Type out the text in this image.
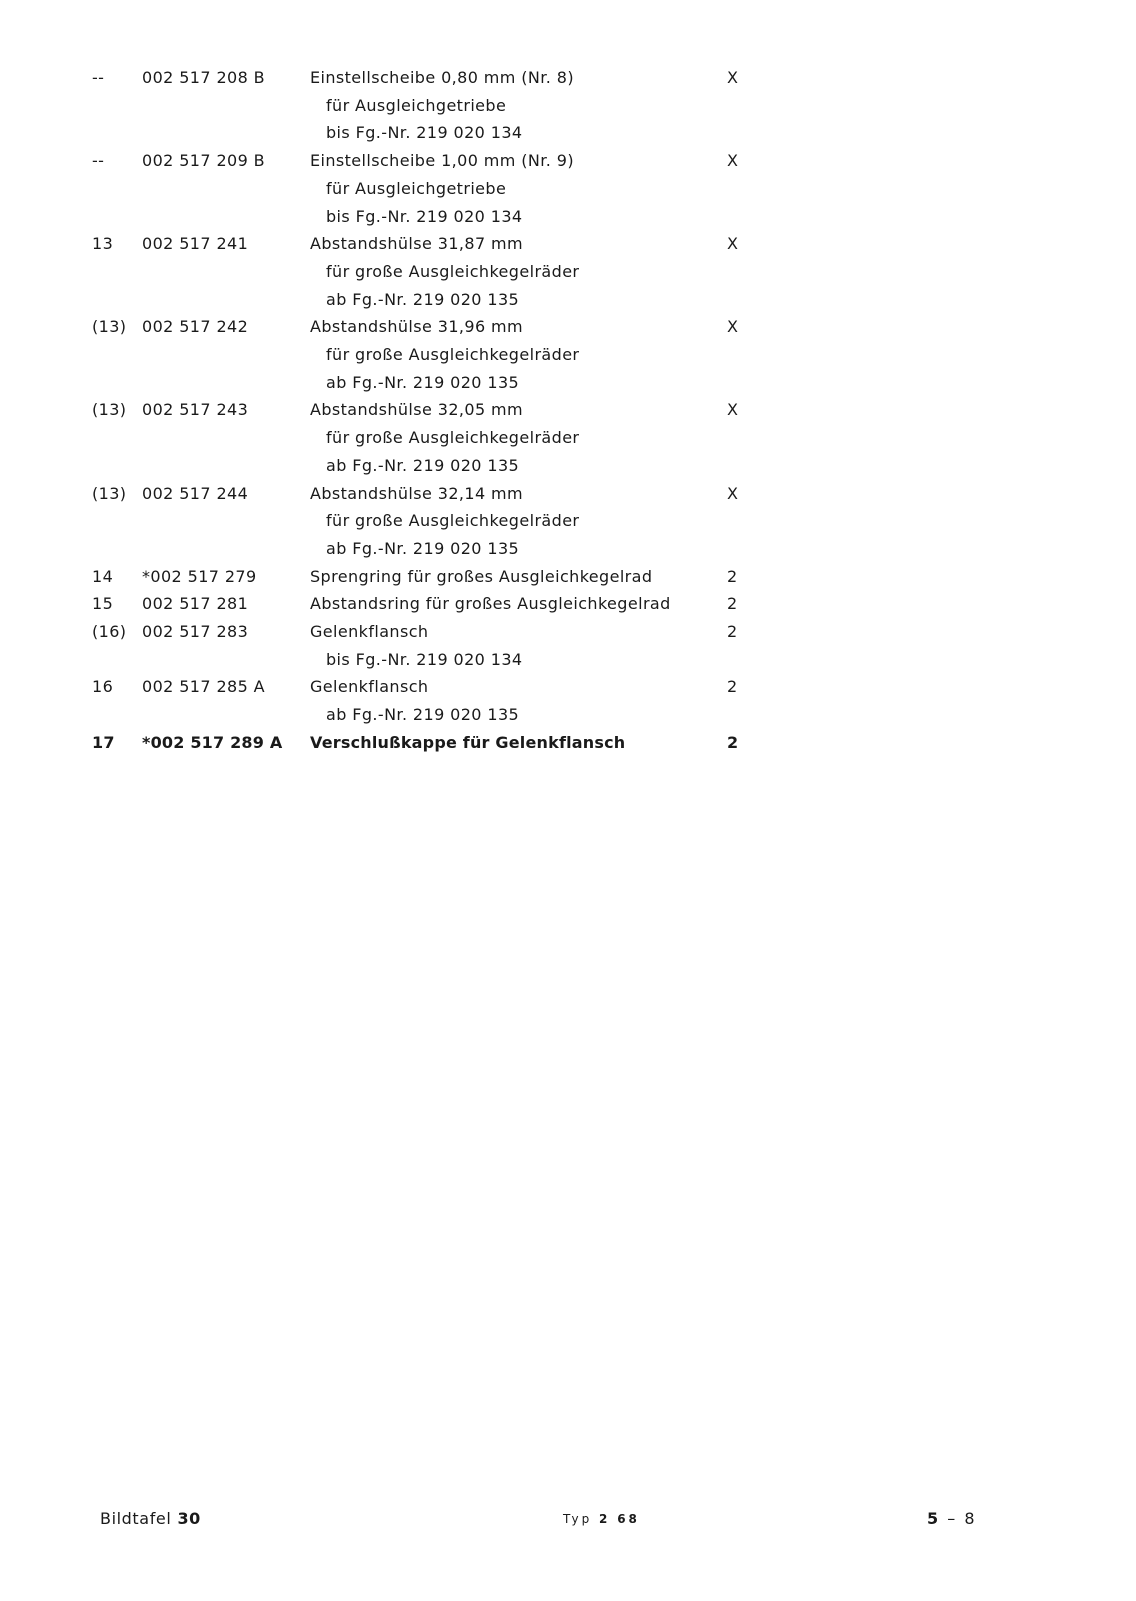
-- 002 517 208 B	Einstellscheibe 0,80 mm (Nr. 8)	X
für Ausgleichgetriebe
bis Fg.-Nr. 219 020 134
-- 002 517 209 B	Einstellscheibe 1,00 mm (Nr. 9)	X
für Ausgleichgetriebe
bis Fg.-Nr. 219 020 134
13 002 517 241	Abstandshülse 31,87 mm	X
für große Ausgleichkegelräder
ab Fg.-Nr. 219 020 135
(13) 002 517 242	Abstandshülse 31,96 mm	X
für große Ausgleichkegelräder
ab Fg.-Nr. 219 020 135
(13) 002 517 243	Abstandshülse 32,05 mm	X
für große Ausgleichkegelräder
ab Fg.-Nr. 219 020 135
(13) 002 517 244	Abstandshülse 32,14 mm	X
für große Ausgleichkegelräder
ab Fg.-Nr. 219 020 135
14 *002 517 279	Sprengring für großes Ausgleichkegelrad	2
15 002 517 281	Abstandsring für großes Ausgleichkegelrad	2
(16) 002 517 283	Gelenkflansch	2
bis Fg.-Nr. 219 020 134
16 002 517 285 A	Gelenkflansch	2
ab Fg.-Nr. 219 020 135
17 *002 517 289 A Verschlußkappe für Gelenkflansch	2
Bildtafel 30	Typ 2 68	5 – 8
